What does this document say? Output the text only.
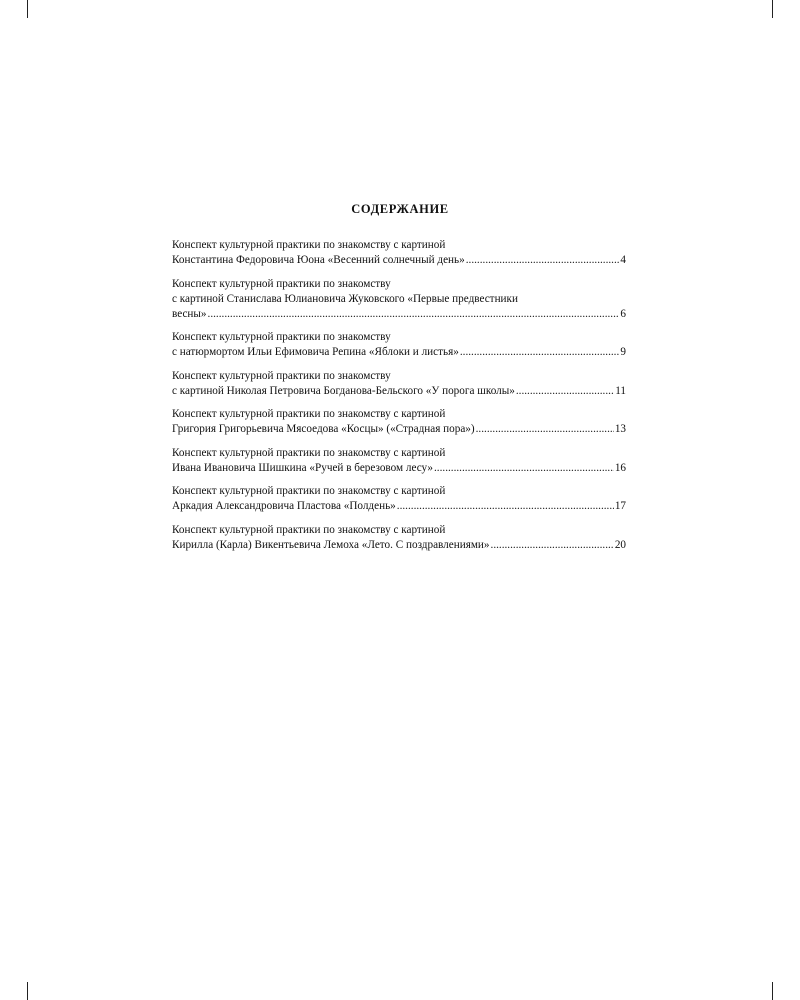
СОДЕРЖАНИЕ
Конспект культурной практики по знакомству с картиной
Константина Федоровича Юона «Весенний солнечный день» .....	4
Конспект культурной практики по знакомству
с картиной Станислава Юлиановича Жуковского «Первые предвестники
весны» .....	6
Конспект культурной практики по знакомству
с натюрмортом Ильи Ефимовича Репина «Яблоки и листья» .....	9
Конспект культурной практики по знакомству
с картиной Николая Петровича Богданова-Бельского «У порога школы» .....	11
Конспект культурной практики по знакомству с картиной
Григория Григорьевича Мясоедова «Косцы» («Страдная пора») .....	13
Конспект культурной практики по знакомству с картиной
Ивана Ивановича Шишкина «Ручей в березовом лесу» .....	16
Конспект культурной практики по знакомству с картиной
Аркадия Александровича Пластова «Полдень» .....	17
Конспект культурной практики по знакомству с картиной
Кирилла (Карла) Викентьевича Лемоха «Лето. С поздравлениями» .....	20
